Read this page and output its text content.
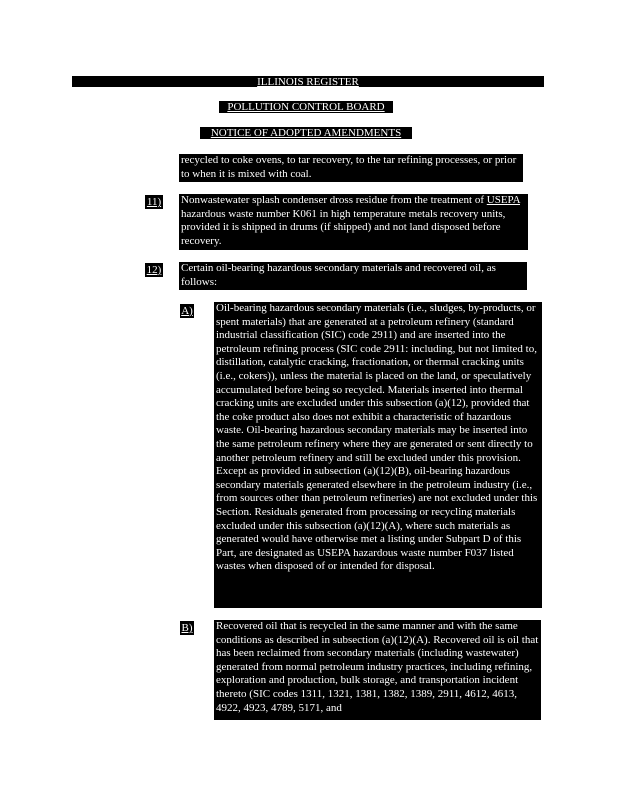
ILLINOIS REGISTER
POLLUTION CONTROL BOARD
NOTICE OF ADOPTED AMENDMENTS
recycled to coke ovens, to tar recovery, to the tar refining processes, or prior to when it is mixed with coal.
11) Nonwastewater splash condenser dross residue from the treatment of USEPA hazardous waste number K061 in high temperature metals recovery units, provided it is shipped in drums (if shipped) and not land disposed before recovery.
12) Certain oil-bearing hazardous secondary materials and recovered oil, as follows:
A) Oil-bearing hazardous secondary materials (i.e., sludges, by-products, or spent materials) that are generated at a petroleum refinery (standard industrial classification (SIC) code 2911) and are inserted into the petroleum refining process (SIC code 2911: including, but not limited to, distillation, catalytic cracking, fractionation, or thermal cracking units (i.e., cokers)), unless the material is placed on the land, or speculatively accumulated before being so recycled. Materials inserted into thermal cracking units are excluded under this subsection (a)(12), provided that the coke product also does not exhibit a characteristic of hazardous waste. Oil-bearing hazardous secondary materials may be inserted into the same petroleum refinery where they are generated or sent directly to another petroleum refinery and still be excluded under this provision. Except as provided in subsection (a)(12)(B), oil-bearing hazardous secondary materials generated elsewhere in the petroleum industry (i.e., from sources other than petroleum refineries) are not excluded under this Section. Residuals generated from processing or recycling materials excluded under this subsection (a)(12)(A), where such materials as generated would have otherwise met a listing under Subpart D of this Part, are designated as USEPA hazardous waste number F037 listed wastes when disposed of or intended for disposal.
B) Recovered oil that is recycled in the same manner and with the same conditions as described in subsection (a)(12)(A). Recovered oil is oil that has been reclaimed from secondary materials (including wastewater) generated from normal petroleum industry practices, including refining, exploration and production, bulk storage, and transportation incident thereto (SIC codes 1311, 1321, 1381, 1382, 1389, 2911, 4612, 4613, 4922, 4923, 4789, 5171, and
